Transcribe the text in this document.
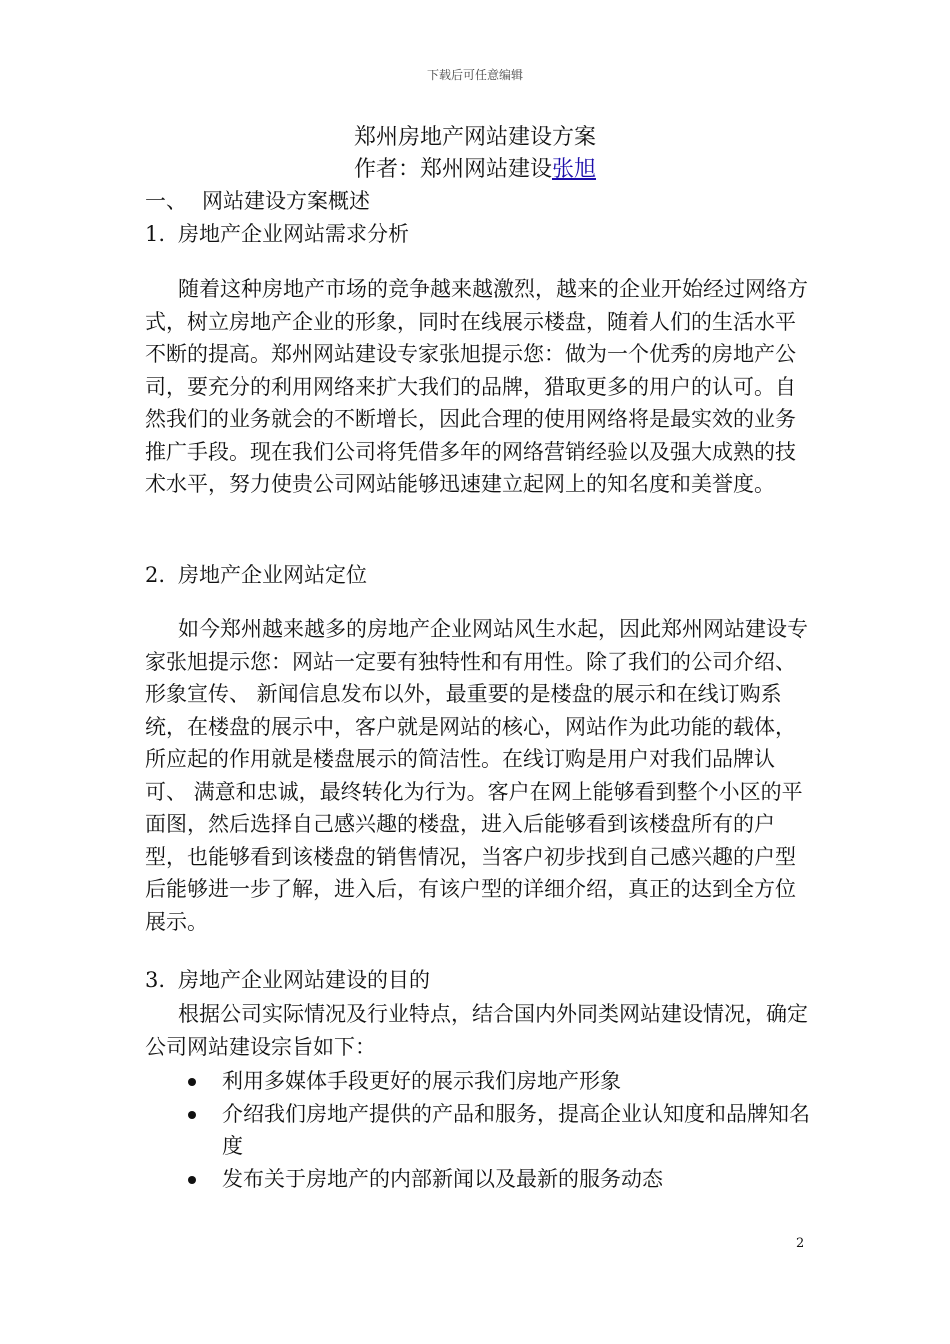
下载后可任意编辑
郑州房地产网站建设方案
作者：郑州网站建设张旭
一、 网站建设方案概述
1. 房地产企业网站需求分析

随着这种房地产市场的竞争越来越激烈，越来的企业开始经过网络方式，树立房地产企业的形象，同时在线展示楼盘，随着人们的生活水平不断的提高。郑州网站建设专家张旭提示您：做为一个优秀的房地产公司，要充分的利用网络来扩大我们的品牌，猎取更多的用户的认可。自然我们的业务就会的不断增长，因此合理的使用网络将是最实效的业务推广手段。现在我们公司将凭借多年的网络营销经验以及强大成熟的技术水平，努力使贵公司网站能够迅速建立起网上的知名度和美誉度。

2. 房地产企业网站定位

如今郑州越来越多的房地产企业网站风生水起，因此郑州网站建设专家张旭提示您：网站一定要有独特性和有用性。除了我们的公司介绍、 形象宣传、 新闻信息发布以外，最重要的是楼盘的展示和在线订购系统，在楼盘的展示中，客户就是网站的核心，网站作为此功能的载体，所应起的作用就是楼盘展示的简洁性。在线订购是用户对我们品牌认可、 满意和忠诚，最终转化为行为。客户在网上能够看到整个小区的平面图，然后选择自己感兴趣的楼盘，进入后能够看到该楼盘所有的户型，也能够看到该楼盘的销售情况，当客户初步找到自己感兴趣的户型后能够进一步了解，进入后，有该户型的详细介绍，真正的达到全方位展示。

3. 房地产企业网站建设的目的

根据公司实际情况及行业特点，结合国内外同类网站建设情况，确定公司网站建设宗旨如下：

利用多媒体手段更好的展示我们房地产形象
介绍我们房地产提供的产品和服务，提高企业认知度和品牌知名度
发布关于房地产的内部新闻以及最新的服务动态
2
